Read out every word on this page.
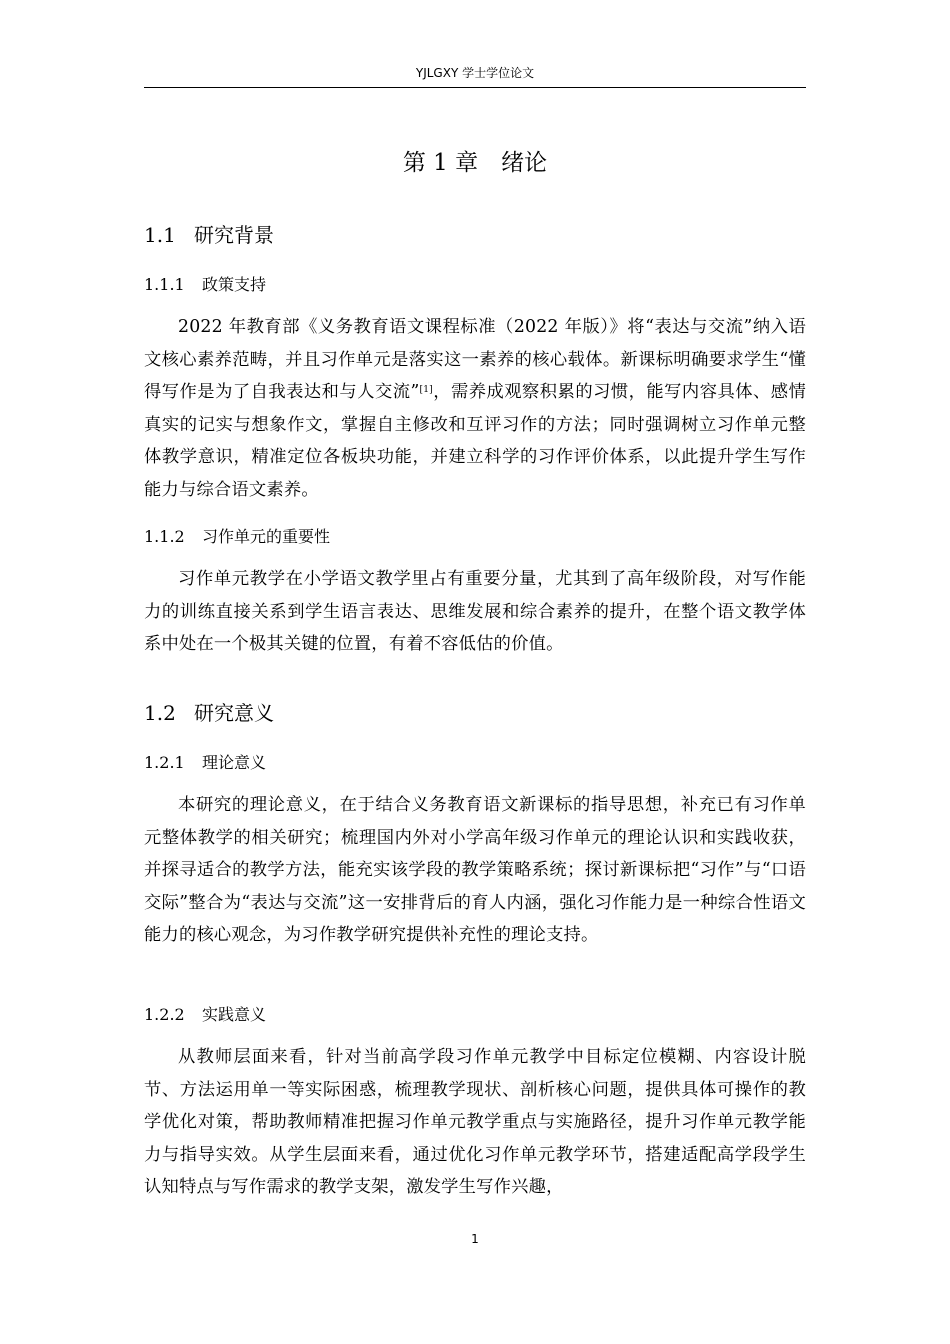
YJLGXY 学士学位论文
第 1 章　绪论
1.1 研究背景
1.1.1 政策支持
2022 年教育部《义务教育语文课程标准（2022 年版）》将“表达与交流”纳入语文核心素养范畴，并且习作单元是落实这一素养的核心载体。新课标明确要求学生“懂得写作是为了自我表达和与人交流”[1]，需养成观察积累的习惯，能写内容具体、感情真实的记实与想象作文，掌握自主修改和互评习作的方法；同时强调树立习作单元整体教学意识，精准定位各板块功能，并建立科学的习作评价体系，以此提升学生写作能力与综合语文素养。
1.1.2 习作单元的重要性
习作单元教学在小学语文教学里占有重要分量，尤其到了高年级阶段，对写作能力的训练直接关系到学生语言表达、思维发展和综合素养的提升，在整个语文教学体系中处在一个极其关键的位置，有着不容低估的价值。
1.2 研究意义
1.2.1 理论意义
本研究的理论意义，在于结合义务教育语文新课标的指导思想，补充已有习作单元整体教学的相关研究；梳理国内外对小学高年级习作单元的理论认识和实践收获，并探寻适合的教学方法，能充实该学段的教学策略系统；探讨新课标把“习作”与“口语交际”整合为“表达与交流”这一安排背后的育人内涵，强化习作能力是一种综合性语文能力的核心观念，为习作教学研究提供补充性的理论支持。
1.2.2 实践意义
从教师层面来看，针对当前高学段习作单元教学中目标定位模糊、内容设计脱节、方法运用单一等实际困惑，梳理教学现状、剖析核心问题，提供具体可操作的教学优化对策，帮助教师精准把握习作单元教学重点与实施路径，提升习作单元教学能力与指导实效。从学生层面来看，通过优化习作单元教学环节，搭建适配高学段学生认知特点与写作需求的教学支架，激发学生写作兴趣，
1
